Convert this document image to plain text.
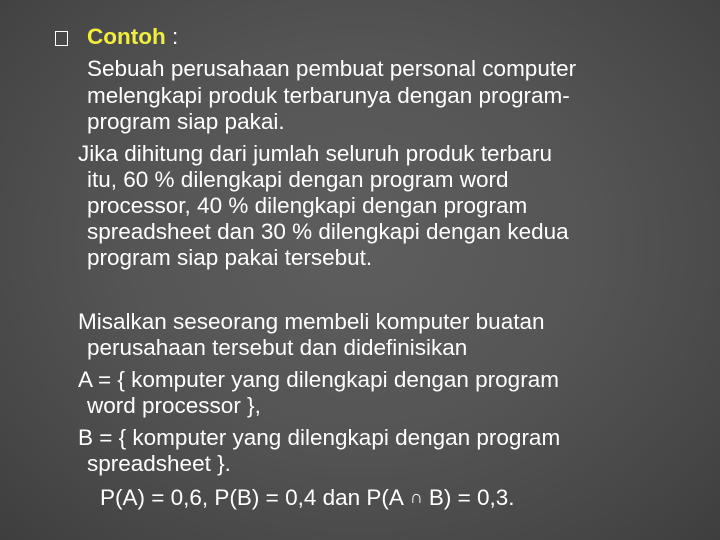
Contoh :
Sebuah perusahaan pembuat personal computer
melengkapi produk terbarunya dengan program-
program siap pakai.
Jika dihitung dari jumlah seluruh produk terbaru
itu, 60 % dilengkapi dengan program word
processor, 40 % dilengkapi dengan program
spreadsheet dan 30 % dilengkapi dengan kedua
program siap pakai tersebut.
Misalkan seseorang membeli komputer buatan
perusahaan tersebut dan didefinisikan
A = { komputer yang dilengkapi dengan program
word processor },
B = { komputer yang dilengkapi dengan program
spreadsheet }.
P(A) = 0,6, P(B) = 0,4 dan P(A ∩ B) = 0,3.
